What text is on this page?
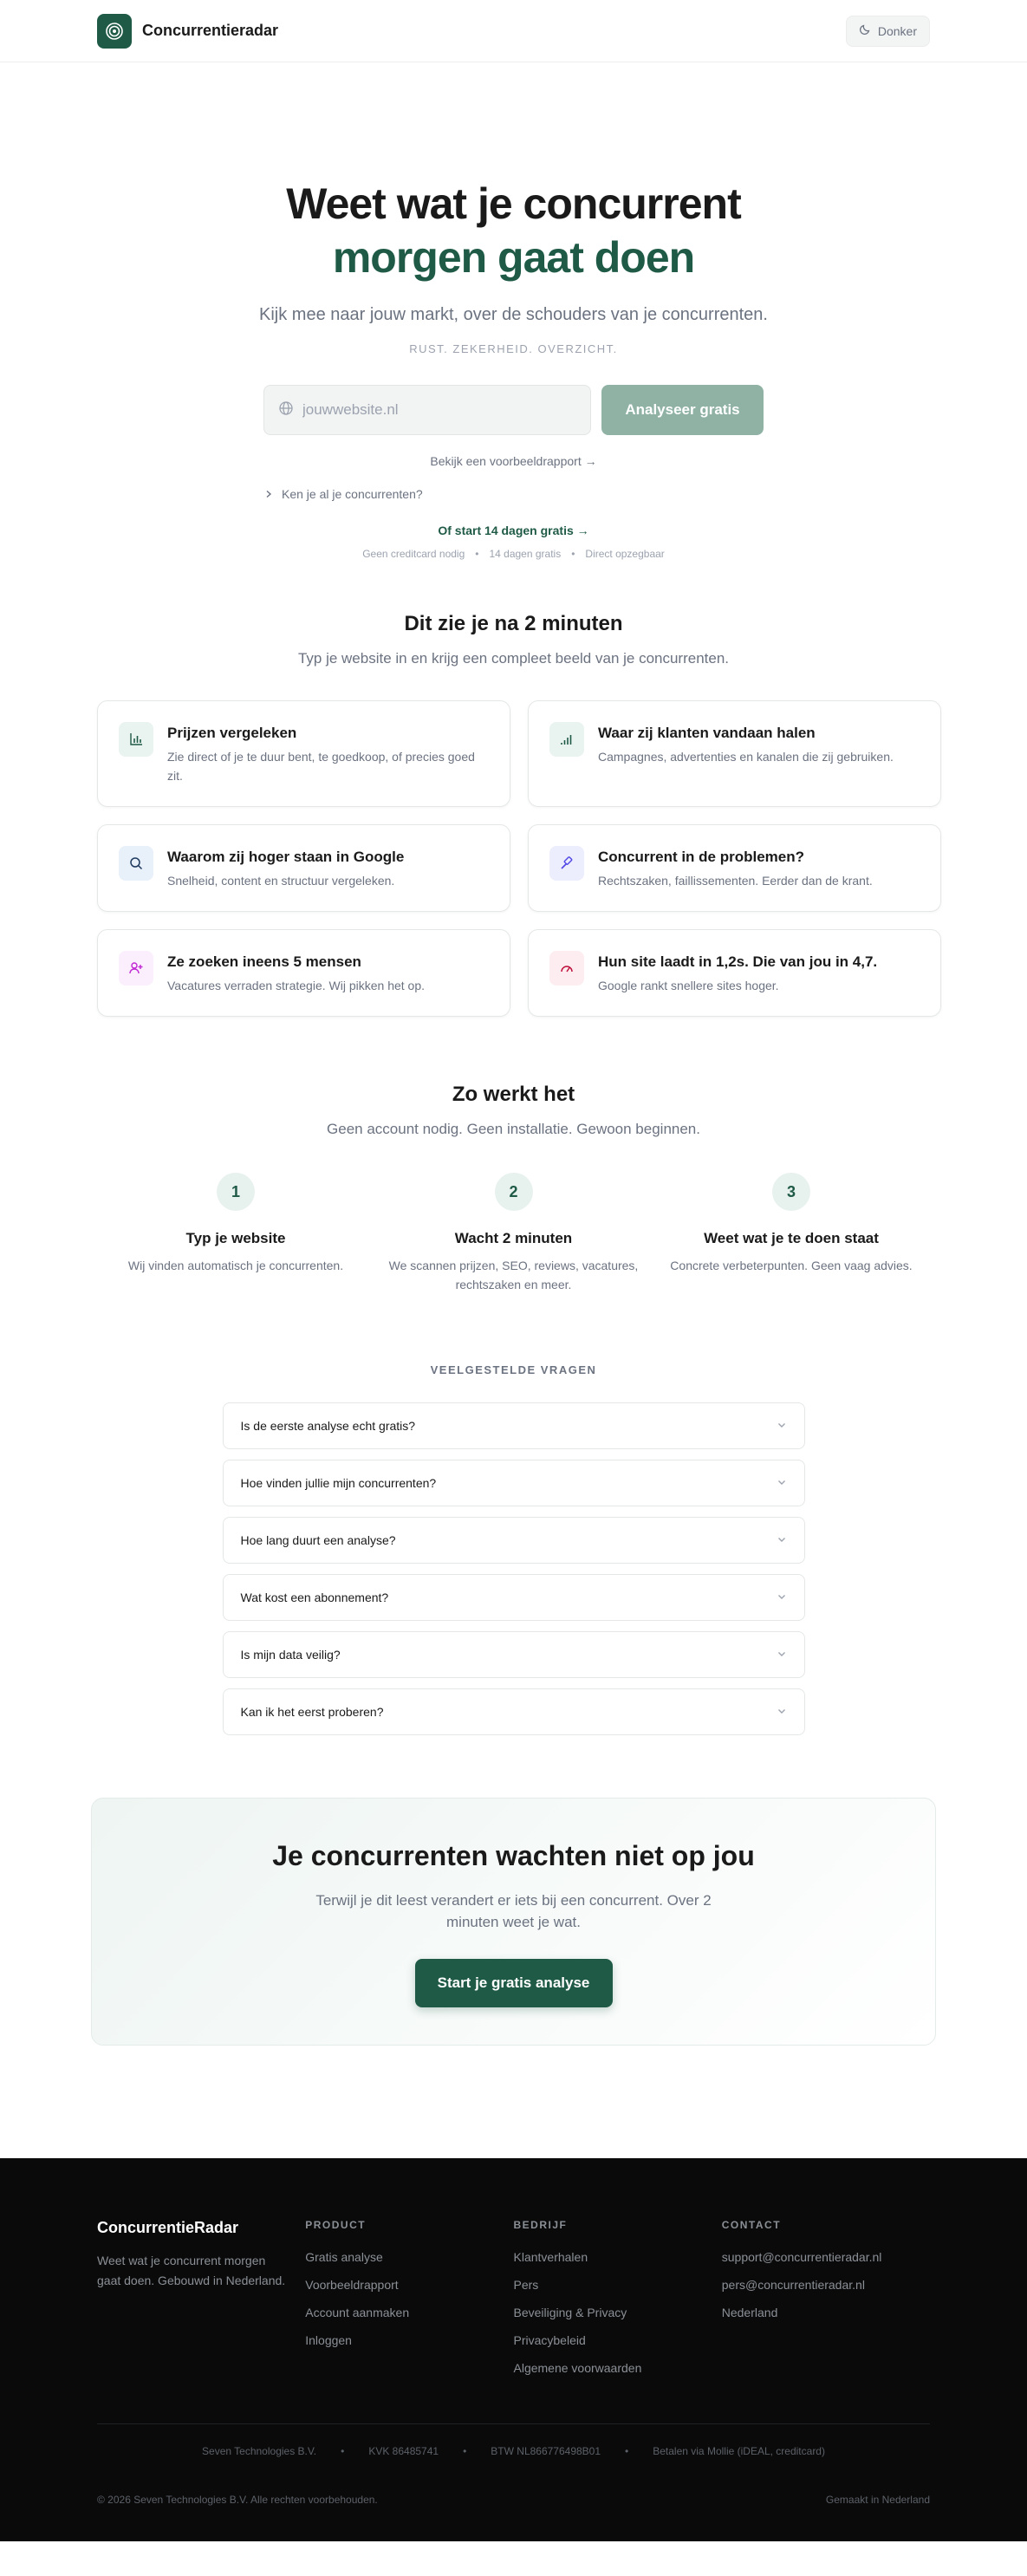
Concurrentieradar	Donker
Weet wat je concurrent
morgen gaat doen

Kijk mee naar jouw markt, over de schouders van je concurrenten.

RUST. ZEKERHEID. OVERZICHT.

jouwwebsite.nl
Analyseer gratis

Bekijk een voorbeeldrapport →

Ken je al je concurrenten?

Of start 14 dagen gratis →

Geen creditcard nodig • 14 dagen gratis • Direct opzegbaar
Dit zie je na 2 minuten

Typ je website in en krijg een compleet beeld van je concurrenten.

Prijzen vergeleken
Zie direct of je te duur bent, te goedkoop, of precies goed zit.
Waar zij klanten vandaan halen
Campagnes, advertenties en kanalen die zij gebruiken.
Waarom zij hoger staan in Google
Snelheid, content en structuur vergeleken.
Concurrent in de problemen?
Rechtszaken, faillissementen. Eerder dan de krant.
Ze zoeken ineens 5 mensen
Vacatures verraden strategie. Wij pikken het op.
Hun site laadt in 1,2s. Die van jou in 4,7.
Google rankt snellere sites hoger.
Zo werkt het

Geen account nodig. Geen installatie. Gewoon beginnen.

1
Typ je website
Wij vinden automatisch je concurrenten.
2
Wacht 2 minuten
We scannen prijzen, SEO, reviews, vacatures, rechtszaken en meer.
3
Weet wat je te doen staat
Concrete verbeterpunten. Geen vaag advies.

VEELGESTELDE VRAGEN

Is de eerste analyse echt gratis?
Hoe vinden jullie mijn concurrenten?
Hoe lang duurt een analyse?
Wat kost een abonnement?
Is mijn data veilig?
Kan ik het eerst proberen?
Je concurrenten wachten niet op jou

Terwijl je dit leest verandert er iets bij een concurrent. Over 2 minuten weet je wat.

Start je gratis analyse
ConcurrentieRadar
Weet wat je concurrent morgen gaat doen. Gebouwd in Nederland.
PRODUCT
Gratis analyse
Voorbeeldrapport
Account aanmaken
Inloggen
BEDRIJF
Klantverhalen
Pers
Beveiliging & Privacy
Privacybeleid
Algemene voorwaarden
CONTACT
support@concurrentieradar.nl
pers@concurrentieradar.nl
Nederland
Seven Technologies B.V. • KVK 86485741 • BTW NL866776498B01 • Betalen via Mollie (iDEAL, creditcard)
© 2026 Seven Technologies B.V. Alle rechten voorbehouden.	Gemaakt in Nederland
